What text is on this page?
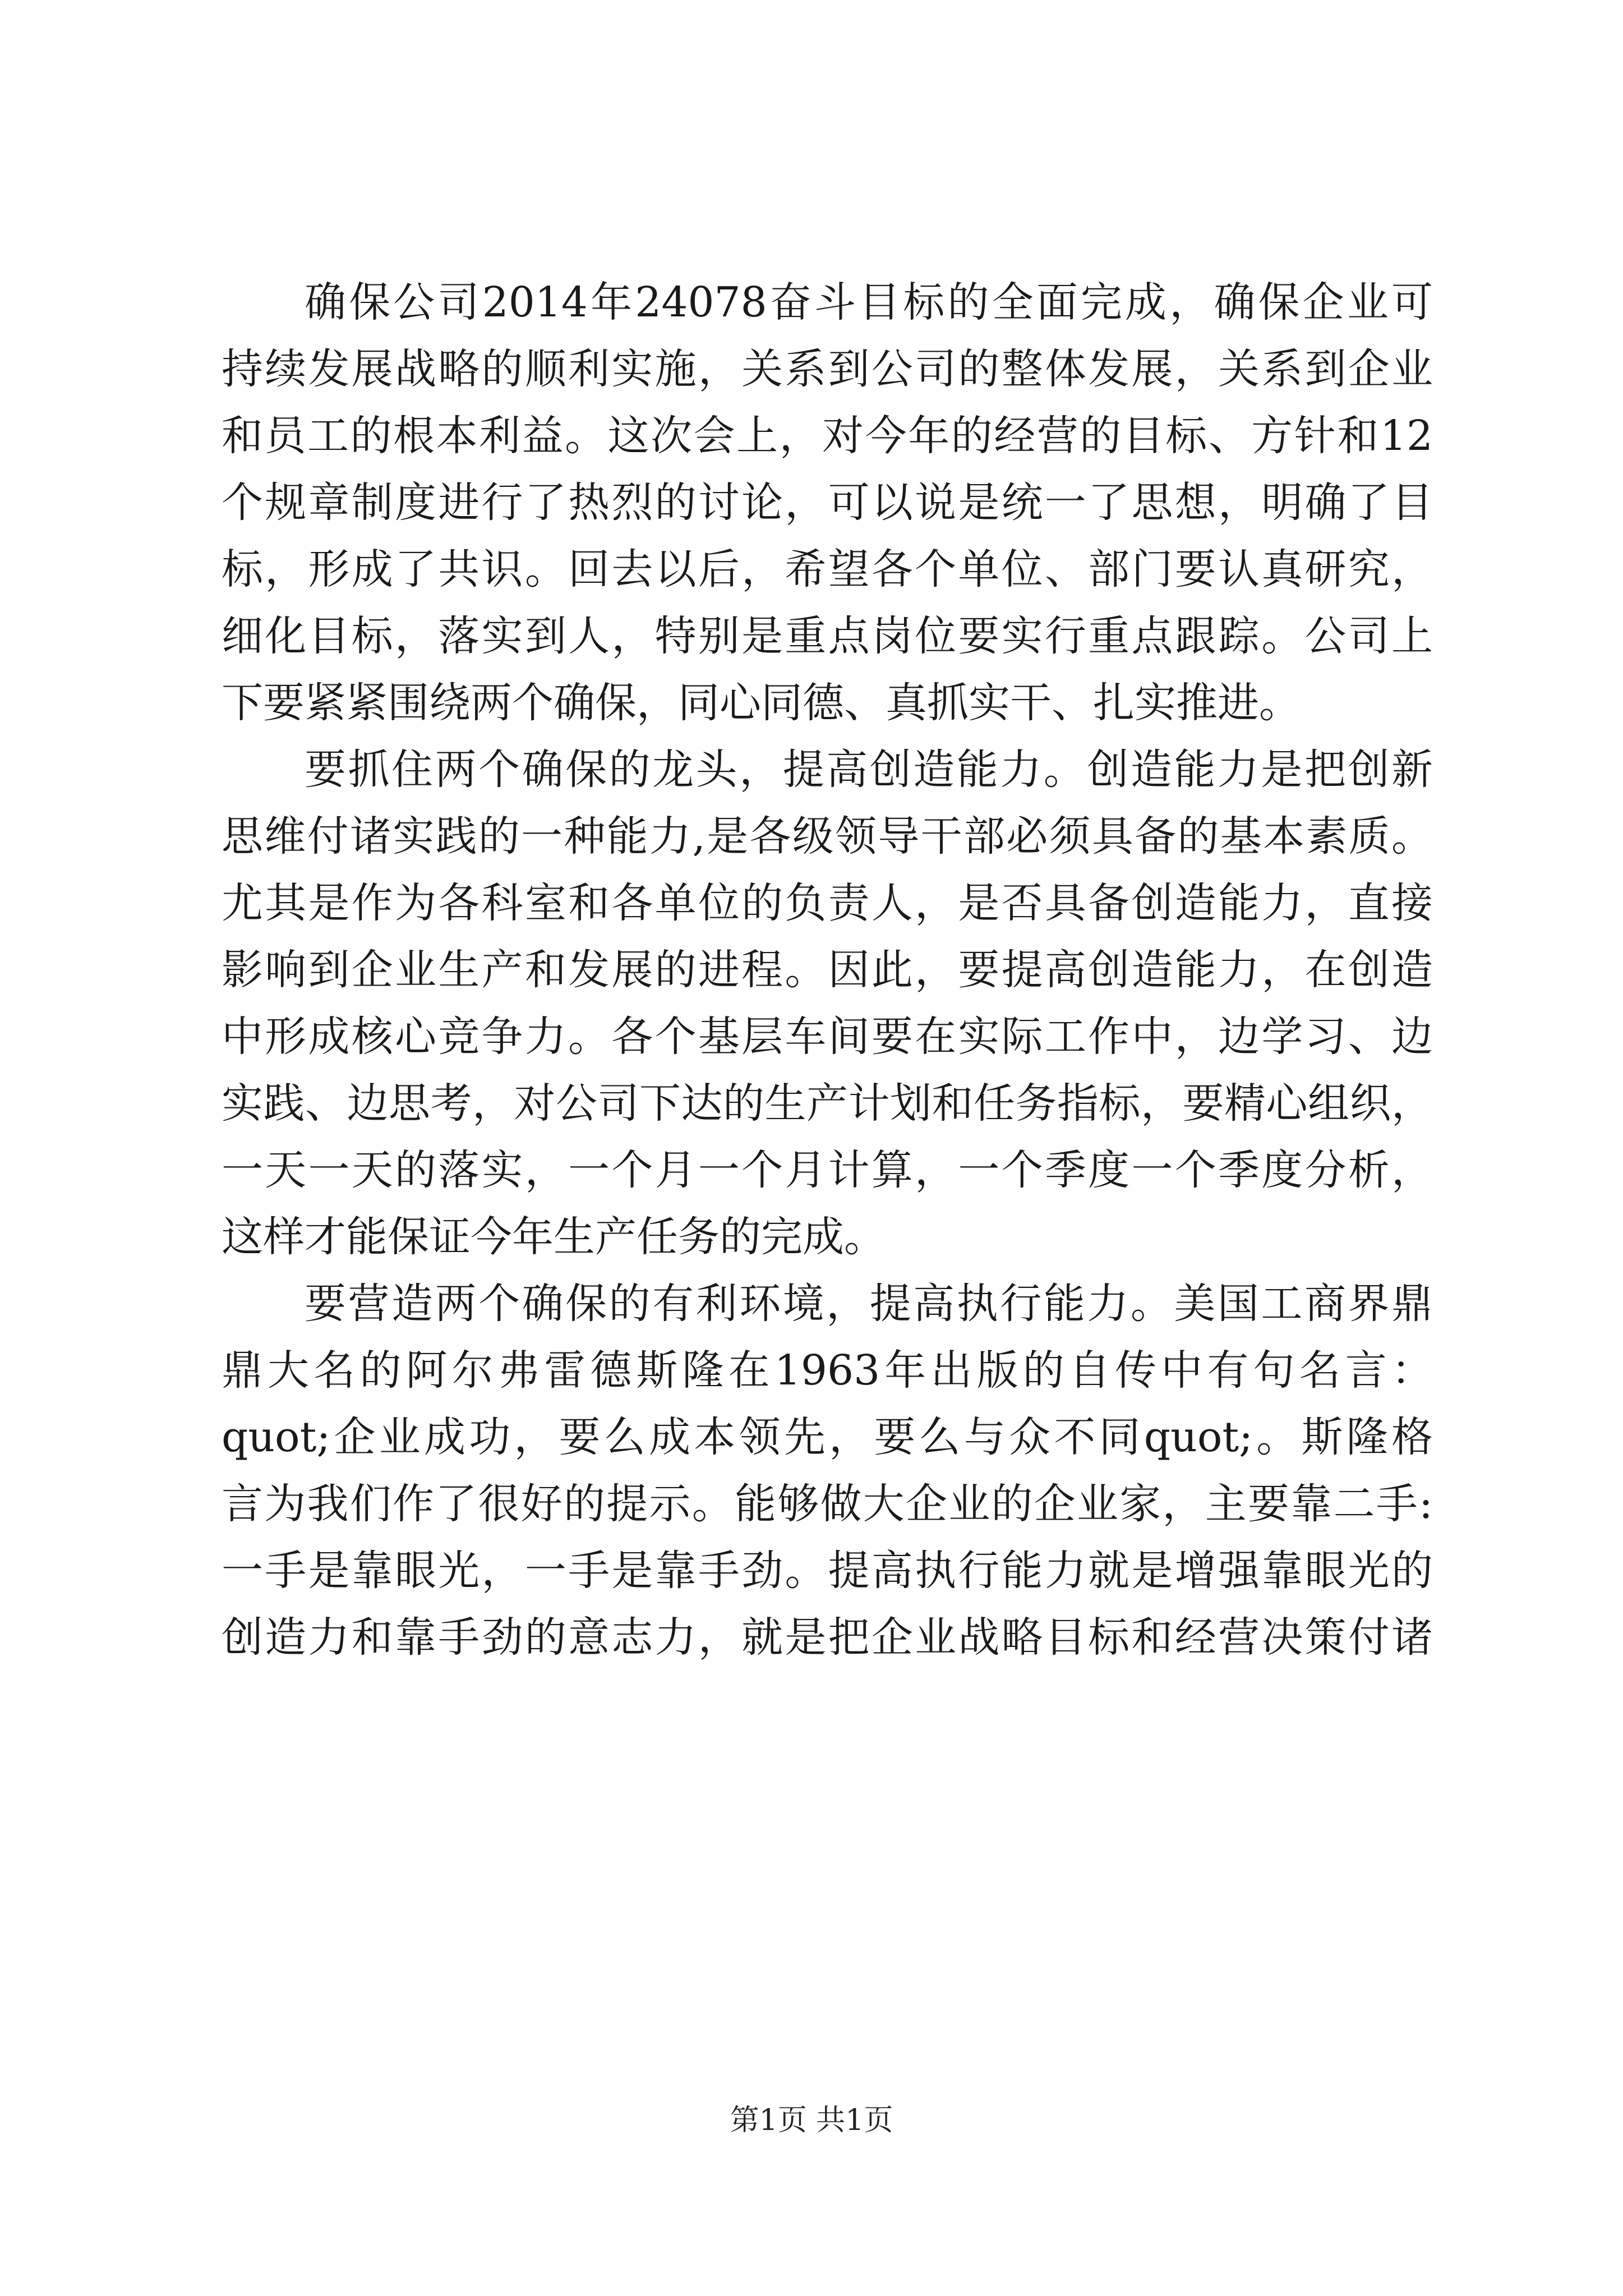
确保公司2014年24078奋斗目标的全面完成，确保企业可
持续发展战略的顺利实施，关系到公司的整体发展，关系到企业
和员工的根本利益。这次会上，对今年的经营的目标、方针和12
个规章制度进行了热烈的讨论，可以说是统一了思想，明确了目
标，形成了共识。回去以后，希望各个单位、部门要认真研究，
细化目标，落实到人，特别是重点岗位要实行重点跟踪。公司上
下要紧紧围绕两个确保，同心同德、真抓实干、扎实推进。
要抓住两个确保的龙头，提高创造能力。创造能力是把创新
思维付诸实践的一种能力,是各级领导干部必须具备的基本素质。
尤其是作为各科室和各单位的负责人，是否具备创造能力，直接
影响到企业生产和发展的进程。因此，要提高创造能力，在创造
中形成核心竞争力。各个基层车间要在实际工作中，边学习、边
实践、边思考，对公司下达的生产计划和任务指标，要精心组织，
一天一天的落实，一个月一个月计算，一个季度一个季度分析，
这样才能保证今年生产任务的完成。
要营造两个确保的有利环境，提高执行能力。美国工商界鼎
鼎大名的阿尔弗雷德斯隆在1963年出版的自传中有句名言：
quot;企业成功，要么成本领先，要么与众不同quot;。斯隆格
言为我们作了很好的提示。能够做大企业的企业家，主要靠二手:
一手是靠眼光，一手是靠手劲。提高执行能力就是增强靠眼光的
创造力和靠手劲的意志力，就是把企业战略目标和经营决策付诸
第1页 共1页
